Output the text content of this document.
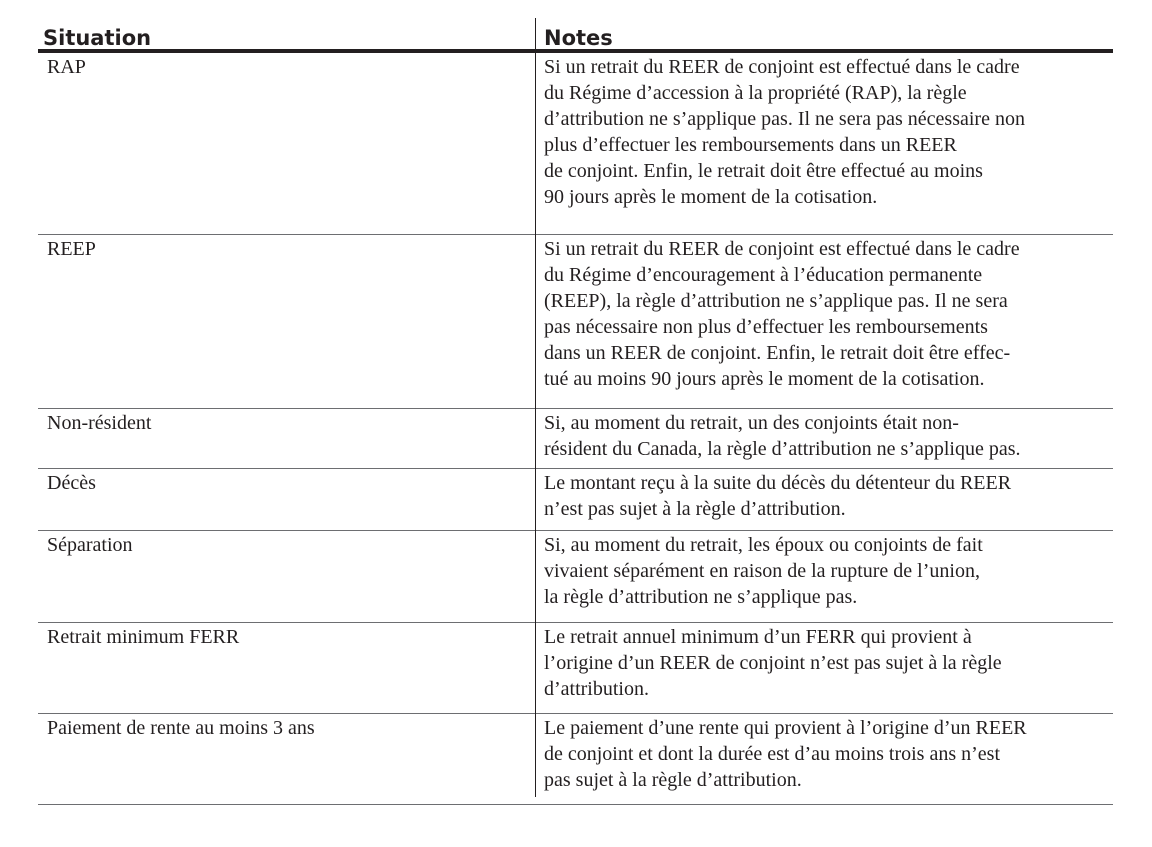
Situation	Notes
RAP	Si un retrait du REER de conjoint est effectué dans le cadre
du Régime d’accession à la propriété (RAP), la règle
d’attribution ne s’applique pas. Il ne sera pas nécessaire non
plus d’effectuer les remboursements dans un REER
de conjoint. Enfin, le retrait doit être effectué au moins
90 jours après le moment de la cotisation.
REEP	Si un retrait du REER de conjoint est effectué dans le cadre
du Régime d’encouragement à l’éducation permanente
(REEP), la règle d’attribution ne s’applique pas. Il ne sera
pas nécessaire non plus d’effectuer les remboursements
dans un REER de conjoint. Enfin, le retrait doit être effec-
tué au moins 90 jours après le moment de la cotisation.
Non-résident	Si, au moment du retrait, un des conjoints était non-
résident du Canada, la règle d’attribution ne s’applique pas.
Décès	Le montant reçu à la suite du décès du détenteur du REER
n’est pas sujet à la règle d’attribution.
Séparation	Si, au moment du retrait, les époux ou conjoints de fait
vivaient séparément en raison de la rupture de l’union,
la règle d’attribution ne s’applique pas.
Retrait minimum FERR	Le retrait annuel minimum d’un FERR qui provient à
l’origine d’un REER de conjoint n’est pas sujet à la règle
d’attribution.
Paiement de rente au moins 3 ans	Le paiement d’une rente qui provient à l’origine d’un REER
de conjoint et dont la durée est d’au moins trois ans n’est
pas sujet à la règle d’attribution.
